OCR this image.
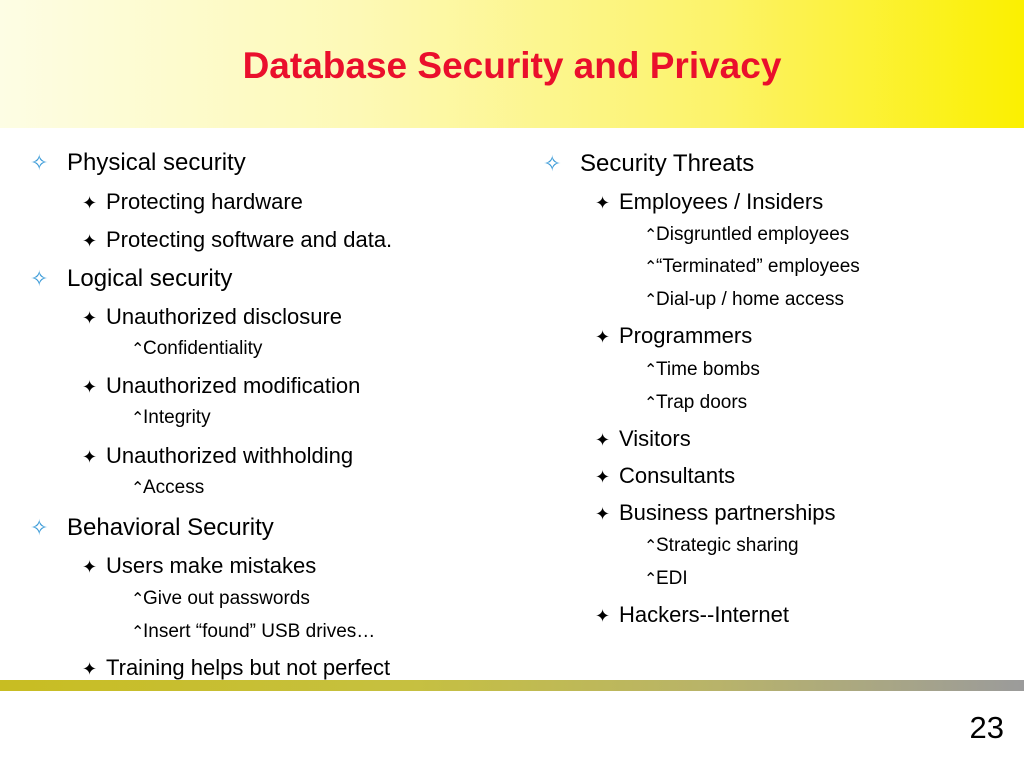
Database Security and Privacy
✧ Physical security
✦ Protecting hardware
✦ Protecting software and data.
✧ Logical security
✦ Unauthorized disclosure
⌃Confidentiality
✦ Unauthorized modification
⌃Integrity
✦ Unauthorized withholding
⌃Access
✧ Behavioral Security
✦ Users make mistakes
⌃Give out passwords
⌃Insert “found” USB drives…
✦ Training helps but not perfect
✧ Security Threats
✦ Employees / Insiders
⌃Disgruntled employees
⌃“Terminated” employees
⌃Dial-up / home access
✦ Programmers
⌃Time bombs
⌃Trap doors
✦ Visitors
✦ Consultants
✦ Business partnerships
⌃Strategic sharing
⌃EDI
✦ Hackers--Internet
23
